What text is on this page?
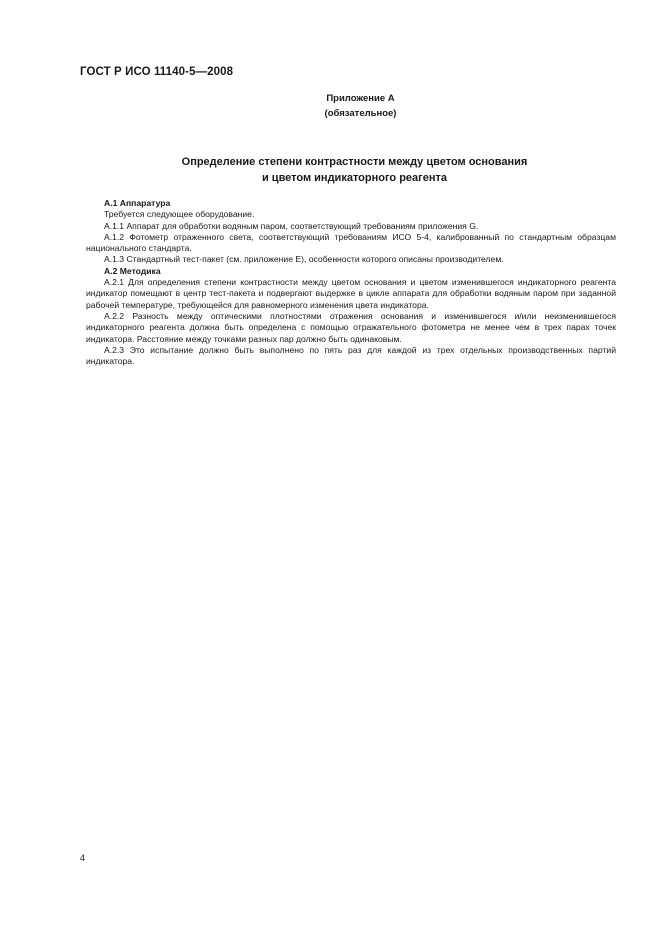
ГОСТ Р ИСО 11140-5—2008
Приложение А
(обязательное)
Определение степени контрастности между цветом основания
и цветом индикаторного реагента

А.1 Аппаратура

Требуется следующее оборудование.

А.1.1 Аппарат для обработки водяным паром, соответствующий требованиям приложения G.

А.1.2 Фотометр отраженного света, соответствующий требованиям ИСО 5-4, калиброванный по стандартным образцам национального стандарта.

А.1.3 Стандартный тест-пакет (см. приложение Е), особенности которого описаны производителем.

А.2 Методика

А.2.1 Для определения степени контрастности между цветом основания и цветом изменившегося индикаторного реагента индикатор помещают в центр тест-пакета и подвергают выдержке в цикле аппарата для обработки водяным паром при заданной рабочей температуре, требующейся для равномерного изменения цвета индикатора.

А.2.2 Разность между оптическими плотностями отражения основания и изменившегося и/или неизменившегося индикаторного реагента должна быть определена с помощью отражательного фотометра не менее чем в трех парах точек индикатора. Расстояние между точками разных пар должно быть одинаковым.

А.2.3 Это испытание должно быть выполнено по пять раз для каждой из трех отдельных производственных партий индикатора.

4
